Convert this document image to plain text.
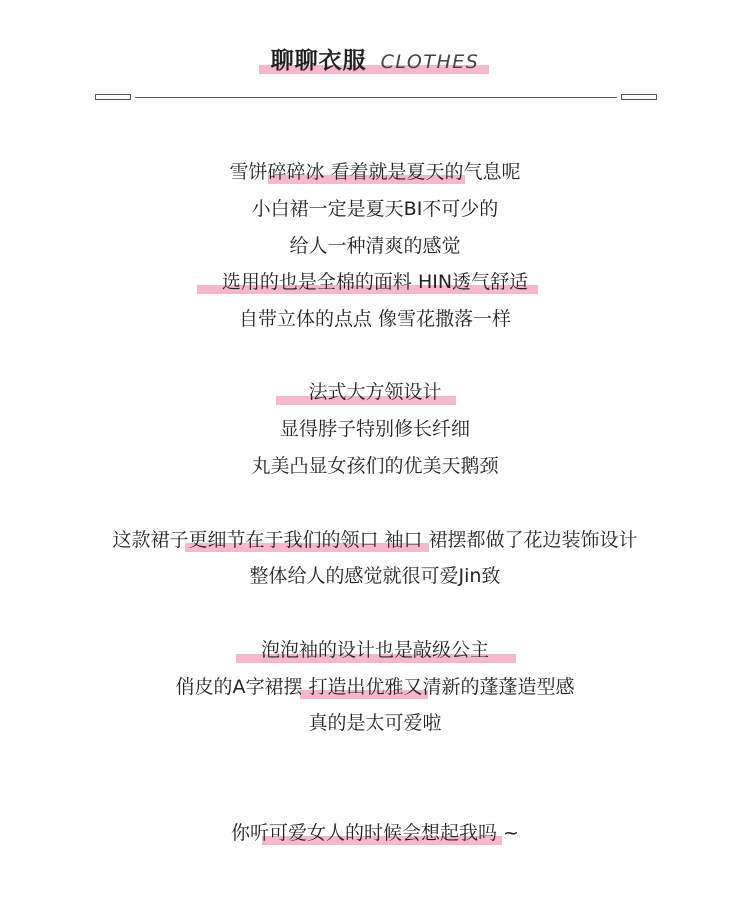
聊聊衣服 CLOTHES
雪饼碎碎冰 看着就是夏天的气息呢
小白裙一定是夏天BI不可少的
给人一种清爽的感觉
选用的也是全棉的面料 HIN透气舒适
自带立体的点点 像雪花撒落一样
法式大方领设计
显得脖子特别修长纤细
丸美凸显女孩们的优美天鹅颈
这款裙子更细节在于我们的领口 袖口 裙摆都做了花边装饰设计
整体给人的感觉就很可爱Jin致
泡泡袖的设计也是敲级公主
俏皮的A字裙摆 打造出优雅又清新的蓬蓬造型感
真的是太可爱啦
你听可爱女人的时候会想起我吗 ~
